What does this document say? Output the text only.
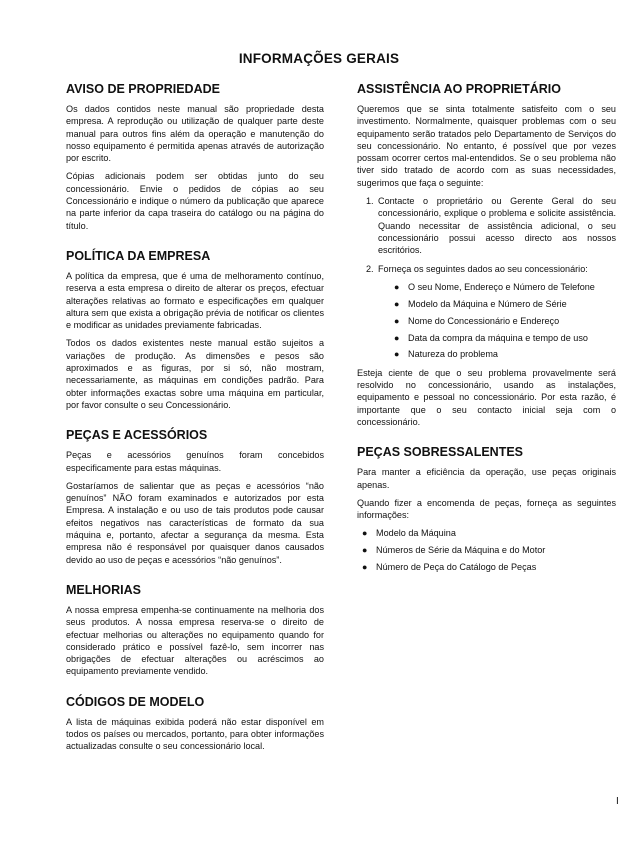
INFORMAÇÕES GERAIS
AVISO DE PROPRIEDADE

Os dados contidos neste manual são propriedade desta empresa. A reprodução ou utilização de qualquer parte deste manual para outros fins além da operação e manutenção do nosso equipamento é permitida apenas através de autorização por escrito.

Cópias adicionais podem ser obtidas junto do seu concessionário. Envie o pedidos de cópias ao seu Concessionário e indique o número da publicação que aparece na parte inferior da capa traseira do catálogo ou na página do título.

POLÍTICA DA EMPRESA

A política da empresa, que é uma de melhoramento contínuo, reserva a esta empresa o direito de alterar os preços, efectuar alterações relativas ao formato e especificações em qualquer altura sem que exista a obrigação prévia de notificar os clientes e modificar as unidades previamente fabricadas.

Todos os dados existentes neste manual estão sujeitos a variações de produção. As dimensões e pesos são aproximados e as figuras, por si só, não mostram, necessariamente, as máquinas em condições padrão. Para obter informações exactas sobre uma máquina em particular, por favor consulte o seu Concessionário.

PEÇAS E ACESSÓRIOS

Peças e acessórios genuínos foram concebidos especificamente para estas máquinas.

Gostaríamos de salientar que as peças e acessórios “não genuínos” NÃO foram examinados e autorizados por esta Empresa. A instalação e ou uso de tais produtos pode causar efeitos negativos nas características de formato da sua máquina e, portanto, afectar a segurança da mesma. Esta empresa não é responsável por quaisquer danos causados devido ao uso de peças e acessórios “não genuínos”.

MELHORIAS

A nossa empresa empenha-se continuamente na melhoria dos seus produtos. A nossa empresa reserva-se o direito de efectuar melhorias ou alterações no equipamento quando for considerado prático e possível fazê-lo, sem incorrer nas obrigações de efectuar alterações ou acréscimos ao equipamento previamente vendido.

CÓDIGOS DE MODELO

A lista de máquinas exibida poderá não estar disponível em todos os países ou mercados, portanto, para obter informações actualizadas consulte o seu concessionário local.

ASSISTÊNCIA AO PROPRIETÁRIO

Queremos que se sinta totalmente satisfeito com o seu investimento. Normalmente, quaisquer problemas com o seu equipamento serão tratados pelo Departamento de Serviços do seu concessionário. No entanto, é possível que por vezes possam ocorrer certos mal-entendidos. Se o seu problema não tiver sido tratado de acordo com as suas necessidades, sugerimos que faça o seguinte:

1. Contacte o proprietário ou Gerente Geral do seu concessionário, explique o problema e solicite assistência. Quando necessitar de assistência adicional, o seu concessionário possui acesso directo aos nossos escritórios.
2. Forneça os seguintes dados ao seu concessionário:
● O seu Nome, Endereço e Número de Telefone
● Modelo da Máquina e Número de Série
● Nome do Concessionário e Endereço
● Data da compra da máquina e tempo de uso
● Natureza do problema

Esteja ciente de que o seu problema provavelmente será resolvido no concessionário, usando as instalações, equipamento e pessoal no concessionário. Por esta razão, é importante que o seu contacto inicial seja com o concessionário.

PEÇAS SOBRESSALENTES

Para manter a eficiência da operação, use peças originais apenas.

Quando fizer a encomenda de peças, forneça as seguintes informações:

● Modelo da Máquina
● Números de Série da Máquina e do Motor
● Número de Peça do Catálogo de Peças
I
